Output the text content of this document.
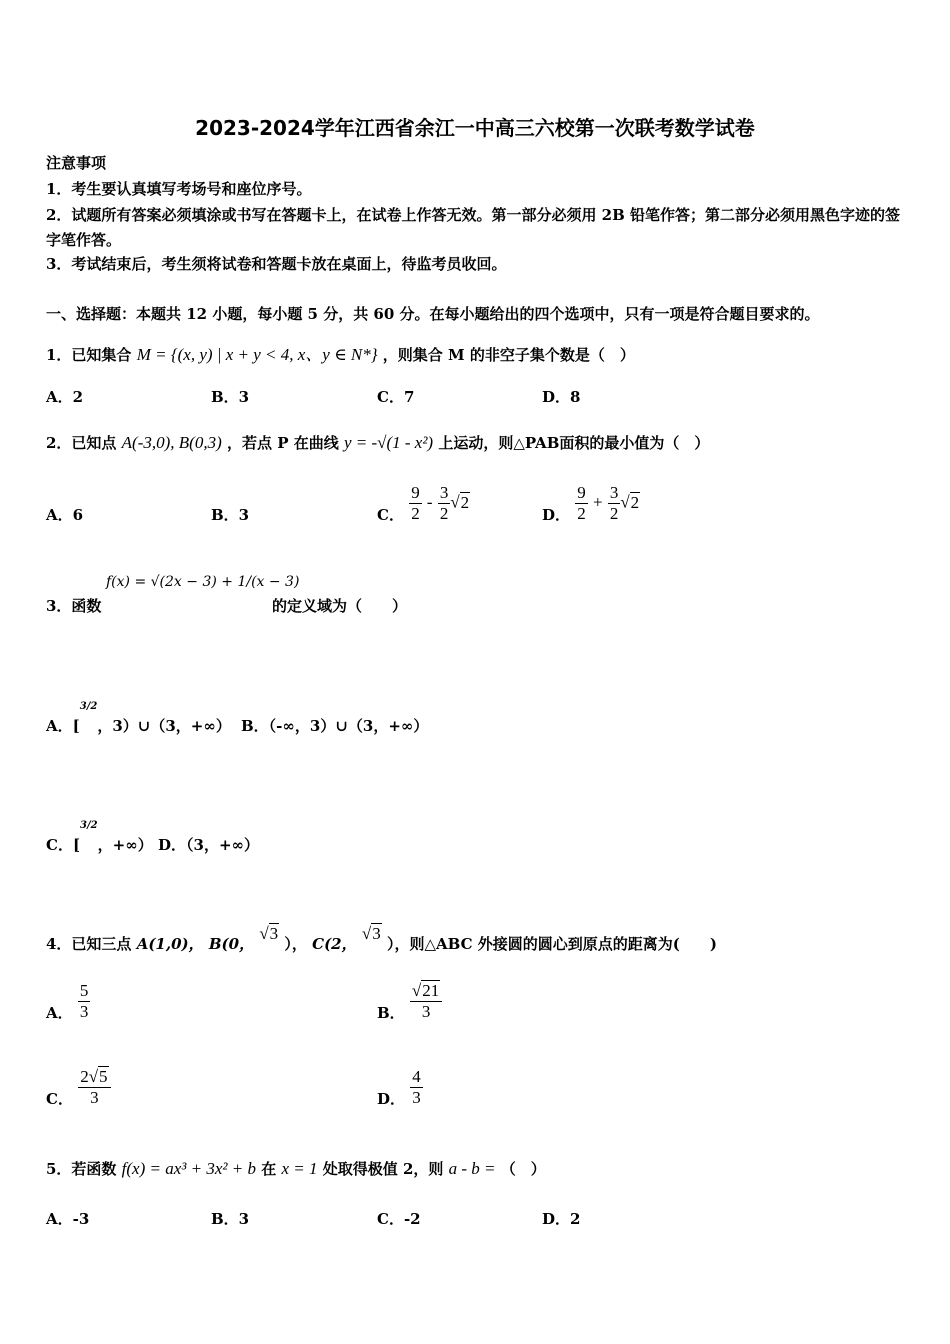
2023-2024学年江西省余江一中高三六校第一次联考数学试卷
注意事项
1．考生要认真填写考场号和座位序号。
2．试题所有答案必须填涂或书写在答题卡上，在试卷上作答无效。第一部分必须用 2B 铅笔作答；第二部分必须用黑色字迹的签字笔作答。
3．考试结束后，考生须将试卷和答题卡放在桌面上，待监考员收回。
一、选择题：本题共 12 小题，每小题 5 分，共 60 分。在每小题给出的四个选项中，只有一项是符合题目要求的。
1．已知集合 M = {(x, y) | x + y < 4, x、y ∈ N*} ，则集合 M 的非空子集个数是（　）
A．2	B．3	C．7	D．8
2．已知点 A(-3,0), B(0,3) ，若点 P 在曲线 y = -√(1 - x²) 上运动，则△PAB面积的最小值为（　）
A．6	B．3	C． $\frac{9}{2} - \frac{3}{2} √2$
D． $\frac{9}{2} + \frac{3}{2} √2$
3．函数
f(x) = √(2x − 3) + 1/(x − 3)
的定义域为（　　）
A．[$^{3/2}$，3）∪（3，+∞） B．（-∞，3）∪（3，+∞）
C．[$^{3/2}$，+∞） D．（3，+∞）
4．已知三点 A(1,0)， B(0， √3 ）， C(2， √3 ），则△ABC 外接圆的圆心到原点的距离为(　　)
A． $\frac{5}{3}$	B． $\frac{√21}{3}$
C． $\frac{2√5}{3}$	D． $\frac{4}{3}$
5．若函数 f(x) = ax³ + 3x² + b 在 x = 1 处取得极值 2，则 a - b = （　）
A．-3	B．3	C．-2	D．2
